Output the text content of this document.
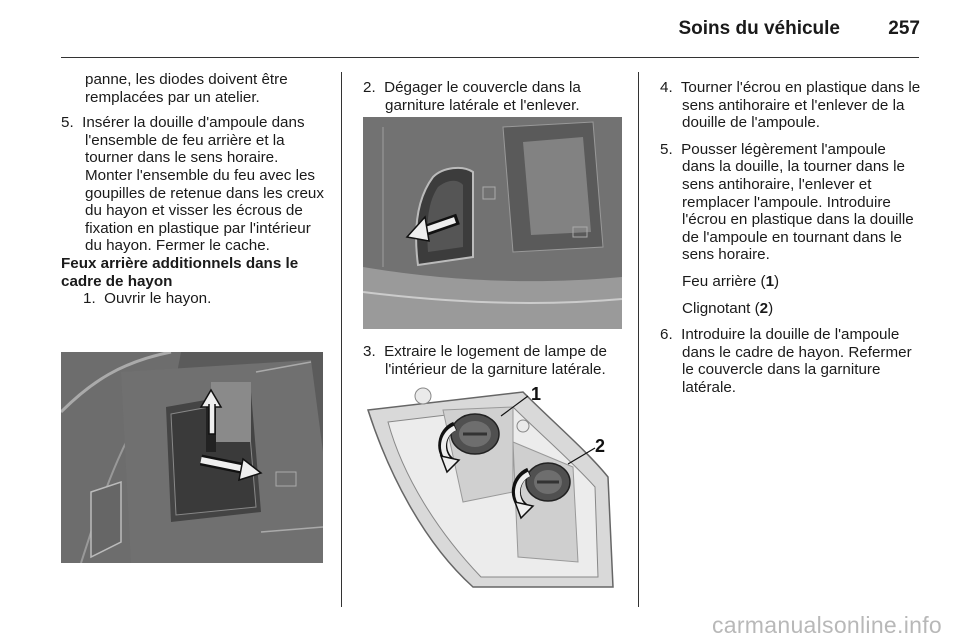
Soins du véhicule	257

panne, les diodes doivent être remplacées par un atelier.

5. Insérer la douille d'ampoule dans l'ensemble de feu arrière et la tourner dans le sens horaire. Monter l'ensemble du feu avec les goupilles de retenue dans les creux du hayon et visser les écrous de fixation en plastique par l'intérieur du hayon. Fermer le cache.

Feux arrière additionnels dans le cadre de hayon

1. Ouvrir le hayon.

2. Dégager le couvercle dans la garniture latérale et l'enlever.

3. Extraire le logement de lampe de l'intérieur de la garniture latérale.

1
2

4. Tourner l'écrou en plastique dans le sens antihoraire et l'enlever de la douille de l'ampoule.

5. Pousser légèrement l'ampoule dans la douille, la tourner dans le sens antihoraire, l'enlever et remplacer l'ampoule. Introduire l'écrou en plastique dans la douille de l'ampoule en tournant dans le sens horaire.

Feu arrière (1)

Clignotant (2)

6. Introduire la douille de l'ampoule dans le cadre de hayon. Refermer le couvercle dans la garniture latérale.

carmanualsonline.info
